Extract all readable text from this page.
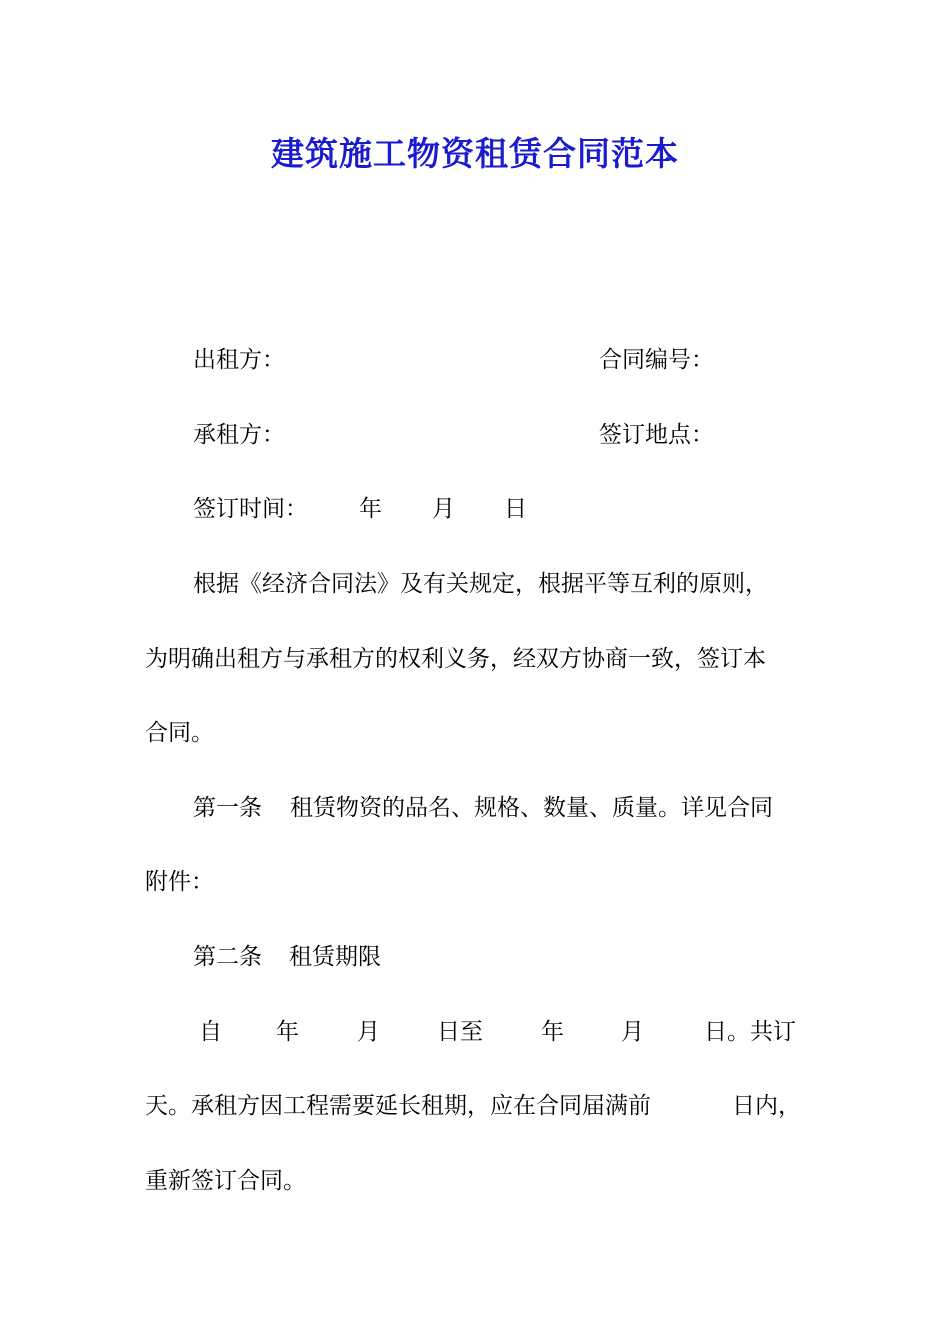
建筑施工物资租赁合同范本
出租方：	合同编号：
承租方：	签订地点：
签订时间： 年 月 日
根据《经济合同法》及有关规定，根据平等互利的原则，
为明确出租方与承租方的权利义务，经双方协商一致，签订本
合同。
第一条 租赁物资的品名、规格、数量、质量。详见合同
附件：
第二条 租赁期限
自 年	月 日至	年 月	日。共订
天。承租方因工程需要延长租期，应在合同届满前	日内，
重新签订合同。
